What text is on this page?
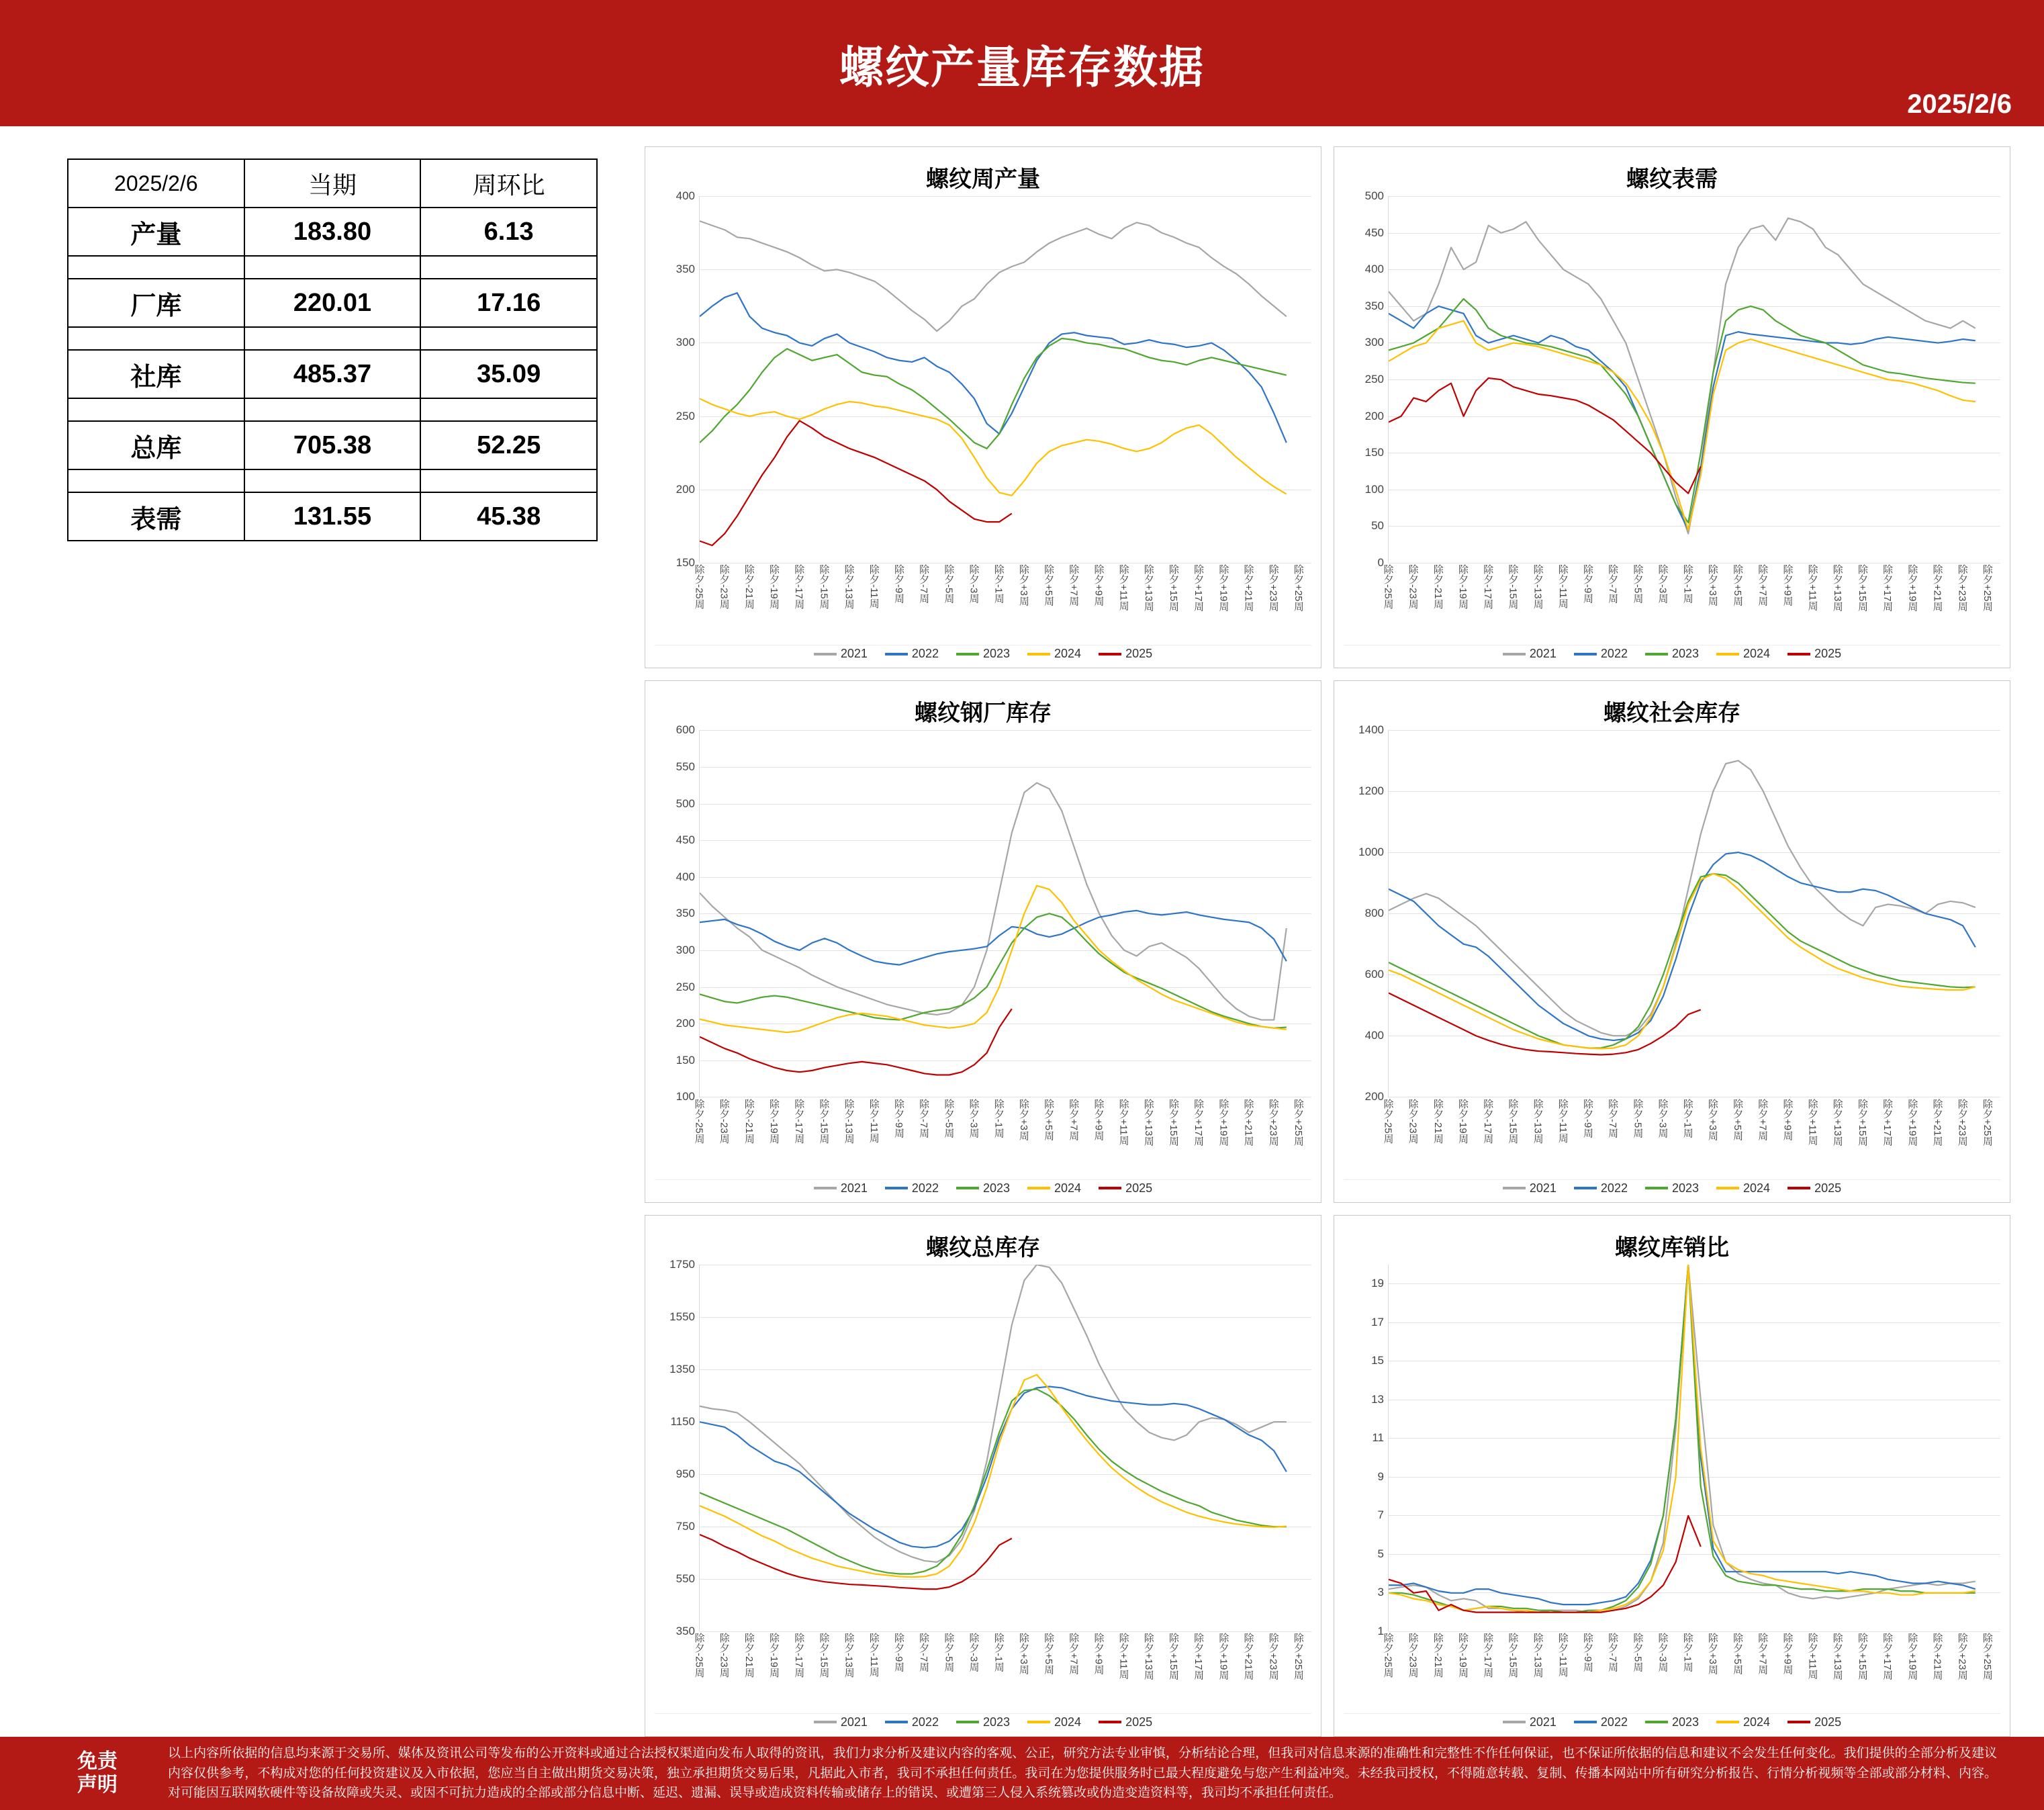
螺纹产量库存数据
2025/2/6
2025/2/6	当期	周环比
产量	183.80	6.13

厂库	220.01	17.16

社库	485.37	35.09

总库	705.38	52.25

表需	131.55	45.38
螺纹周产量
150
200
250
300
350
400
除夕-25周 除夕-23周 除夕-21周 除夕-19周 除夕-17周 除夕-15周 除夕-13周 除夕-11周 除夕-9周 除夕-7周 除夕-5周 除夕-3周 除夕-1周 除夕+3周 除夕+5周 除夕+7周 除夕+9周 除夕+11周 除夕+13周 除夕+15周 除夕+17周 除夕+19周 除夕+21周 除夕+23周 除夕+25周
2021	2022	2023	2024	2025
螺纹表需
0
50
100
150
200
250
300
350
400
450
500
除夕-25周 除夕-23周 除夕-21周 除夕-19周 除夕-17周 除夕-15周 除夕-13周 除夕-11周 除夕-9周 除夕-7周 除夕-5周 除夕-3周 除夕-1周 除夕+3周 除夕+5周 除夕+7周 除夕+9周 除夕+11周 除夕+13周 除夕+15周 除夕+17周 除夕+19周 除夕+21周 除夕+23周 除夕+25周
2021	2022	2023	2024	2025
螺纹钢厂库存
100
150
200
250
300
350
400
450
500
550
600
除夕-25周 除夕-23周 除夕-21周 除夕-19周 除夕-17周 除夕-15周 除夕-13周 除夕-11周 除夕-9周 除夕-7周 除夕-5周 除夕-3周 除夕-1周 除夕+3周 除夕+5周 除夕+7周 除夕+9周 除夕+11周 除夕+13周 除夕+15周 除夕+17周 除夕+19周 除夕+21周 除夕+23周 除夕+25周
2021	2022	2023	2024	2025
螺纹社会库存
200
400
600
800
1000
1200
1400
除夕-25周 除夕-23周 除夕-21周 除夕-19周 除夕-17周 除夕-15周 除夕-13周 除夕-11周 除夕-9周 除夕-7周 除夕-5周 除夕-3周 除夕-1周 除夕+3周 除夕+5周 除夕+7周 除夕+9周 除夕+11周 除夕+13周 除夕+15周 除夕+17周 除夕+19周 除夕+21周 除夕+23周 除夕+25周
2021	2022	2023	2024	2025
螺纹总库存
350
550
750
950
1150
1350
1550
1750
除夕-25周 除夕-23周 除夕-21周 除夕-19周 除夕-17周 除夕-15周 除夕-13周 除夕-11周 除夕-9周 除夕-7周 除夕-5周 除夕-3周 除夕-1周 除夕+3周 除夕+5周 除夕+7周 除夕+9周 除夕+11周 除夕+13周 除夕+15周 除夕+17周 除夕+19周 除夕+21周 除夕+23周 除夕+25周
2021	2022	2023	2024	2025
螺纹库销比
1
3
5
7
9
11
13
15
17
19
除夕-25周 除夕-23周 除夕-21周 除夕-19周 除夕-17周 除夕-15周 除夕-13周 除夕-11周 除夕-9周 除夕-7周 除夕-5周 除夕-3周 除夕-1周 除夕+3周 除夕+5周 除夕+7周 除夕+9周 除夕+11周 除夕+13周 除夕+15周 除夕+17周 除夕+19周 除夕+21周 除夕+23周 除夕+25周
2021	2022	2023	2024	2025
免责
声明
以上内容所依据的信息均来源于交易所、媒体及资讯公司等发布的公开资料或通过合法授权渠道向发布人取得的资讯，我们力求分析及建议内容的客观、公正，研究方法专业审慎，分析结论合理，但我司对信息来源的准确性和完整性不作任何保证，也不保证所依据的信息和建议不会发生任何变化。我们提供的全部分析及建议内容仅供参考，不构成对您的任何投资建议及入市依据，您应当自主做出期货交易决策，独立承担期货交易后果，凡据此入市者，我司不承担任何责任。我司在为您提供服务时已最大程度避免与您产生利益冲突。未经我司授权，不得随意转载、复制、传播本网站中所有研究分析报告、行情分析视频等全部或部分材料、内容。对可能因互联网软硬件等设备故障或失灵、或因不可抗力造成的全部或部分信息中断、延迟、遗漏、误导或造成资料传输或储存上的错误、或遭第三人侵入系统篡改或伪造变造资料等，我司均不承担任何责任。
